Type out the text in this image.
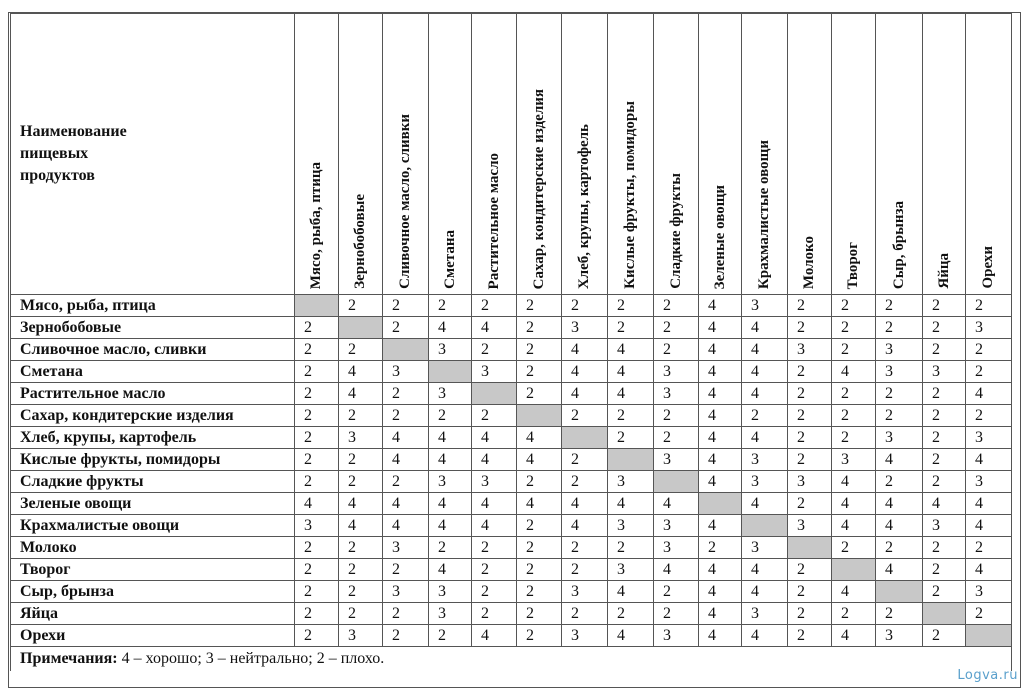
Наименование
пищевых
продуктов	Мясо, рыба, птица	Зернобобовые	Сливочное масло, сливки	Сметана	Растительное масло	Сахар, кондитерские изделия	Хлеб, крупы, картофель	Кислые фрукты, помидоры	Сладкие фрукты	Зеленые овощи	Крахмалистые овощи	Молоко	Творог	Сыр, брынза	Яйца	Орехи
Мясо, рыба, птица		2	2	2	2	2	2	2	2	4	3	2	2	2	2	2
Зернобобовые	2		2	4	4	2	3	2	2	4	4	2	2	2	2	3
Сливочное масло, сливки	2	2		3	2	2	4	4	2	4	4	3	2	3	2	2
Сметана	2	4	3		3	2	4	4	3	4	4	2	4	3	3	2
Растительное масло	2	4	2	3		2	4	4	3	4	4	2	2	2	2	4
Сахар, кондитерские изделия	2	2	2	2	2		2	2	2	4	2	2	2	2	2	2
Хлеб, крупы, картофель	2	3	4	4	4	4		2	2	4	4	2	2	3	2	3
Кислые фрукты, помидоры	2	2	4	4	4	4	2		3	4	3	2	3	4	2	4
Сладкие фрукты	2	2	2	3	3	2	2	3		4	3	3	4	2	2	3
Зеленые овощи	4	4	4	4	4	4	4	4	4		4	2	4	4	4	4
Крахмалистые овощи	3	4	4	4	4	2	4	3	3	4		3	4	4	3	4
Молоко	2	2	3	2	2	2	2	2	3	2	3		2	2	2	2
Творог	2	2	2	4	2	2	2	3	4	4	4	2		4	2	4
Сыр, брынза	2	2	3	3	2	2	3	4	2	4	4	2	4		2	3
Яйца	2	2	2	3	2	2	2	2	2	4	3	2	2	2		2
Орехи	2	3	2	2	4	2	3	4	3	4	4	2	4	3	2	
Примечания: 4 – хорошо; 3 – нейтрально; 2 – плохо.																
Logva.ru
